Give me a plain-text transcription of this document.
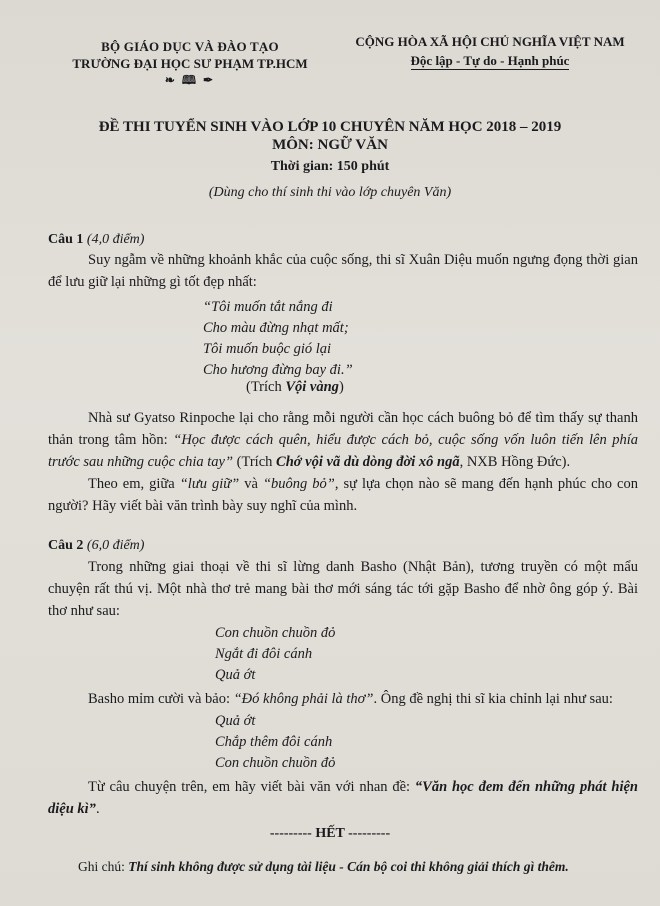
BỘ GIÁO DỤC VÀ ĐÀO TẠO
TRƯỜNG ĐẠI HỌC SƯ PHẠM TP.HCM
❧ 🕮 ✒
CỘNG HÒA XÃ HỘI CHỦ NGHĨA VIỆT NAM
Độc lập - Tự do - Hạnh phúc
ĐỀ THI TUYỂN SINH VÀO LỚP 10 CHUYÊN NĂM HỌC 2018 – 2019
MÔN: NGỮ VĂN
Thời gian: 150 phút
(Dùng cho thí sinh thi vào lớp chuyên Văn)
Câu 1 (4,0 điểm)

Suy ngẫm về những khoảnh khắc của cuộc sống, thi sĩ Xuân Diệu muốn ngưng đọng thời gian để lưu giữ lại những gì tốt đẹp nhất:

“Tôi muốn tắt nắng đi
Cho màu đừng nhạt mất;
Tôi muốn buộc gió lại
Cho hương đừng bay đi.”
(Trích Vội vàng)

Nhà sư Gyatso Rinpoche lại cho rằng mỗi người cần học cách buông bỏ để tìm thấy sự thanh thản trong tâm hồn: “Học được cách quên, hiểu được cách bỏ, cuộc sống vốn luôn tiến lên phía trước sau những cuộc chia tay” (Trích Chớ vội vã dù dòng đời xô ngã, NXB Hồng Đức).

Theo em, giữa “lưu giữ” và “buông bỏ”, sự lựa chọn nào sẽ mang đến hạnh phúc cho con người? Hãy viết bài văn trình bày suy nghĩ của mình.

Câu 2 (6,0 điểm)

Trong những giai thoại về thi sĩ lừng danh Basho (Nhật Bản), tương truyền có một mẩu chuyện rất thú vị. Một nhà thơ trẻ mang bài thơ mới sáng tác tới gặp Basho để nhờ ông góp ý. Bài thơ như sau:

Con chuồn chuồn đỏ
Ngắt đi đôi cánh
Quả ớt

Basho mỉm cười và bảo: “Đó không phải là thơ”. Ông đề nghị thi sĩ kia chỉnh lại như sau:

Quả ớt
Chắp thêm đôi cánh
Con chuồn chuồn đỏ

Từ câu chuyện trên, em hãy viết bài văn với nhan đề: “Văn học đem đến những phát hiện diệu kì”.

--------- HẾT ---------
Ghi chú: Thí sinh không được sử dụng tài liệu - Cán bộ coi thi không giải thích gì thêm.
